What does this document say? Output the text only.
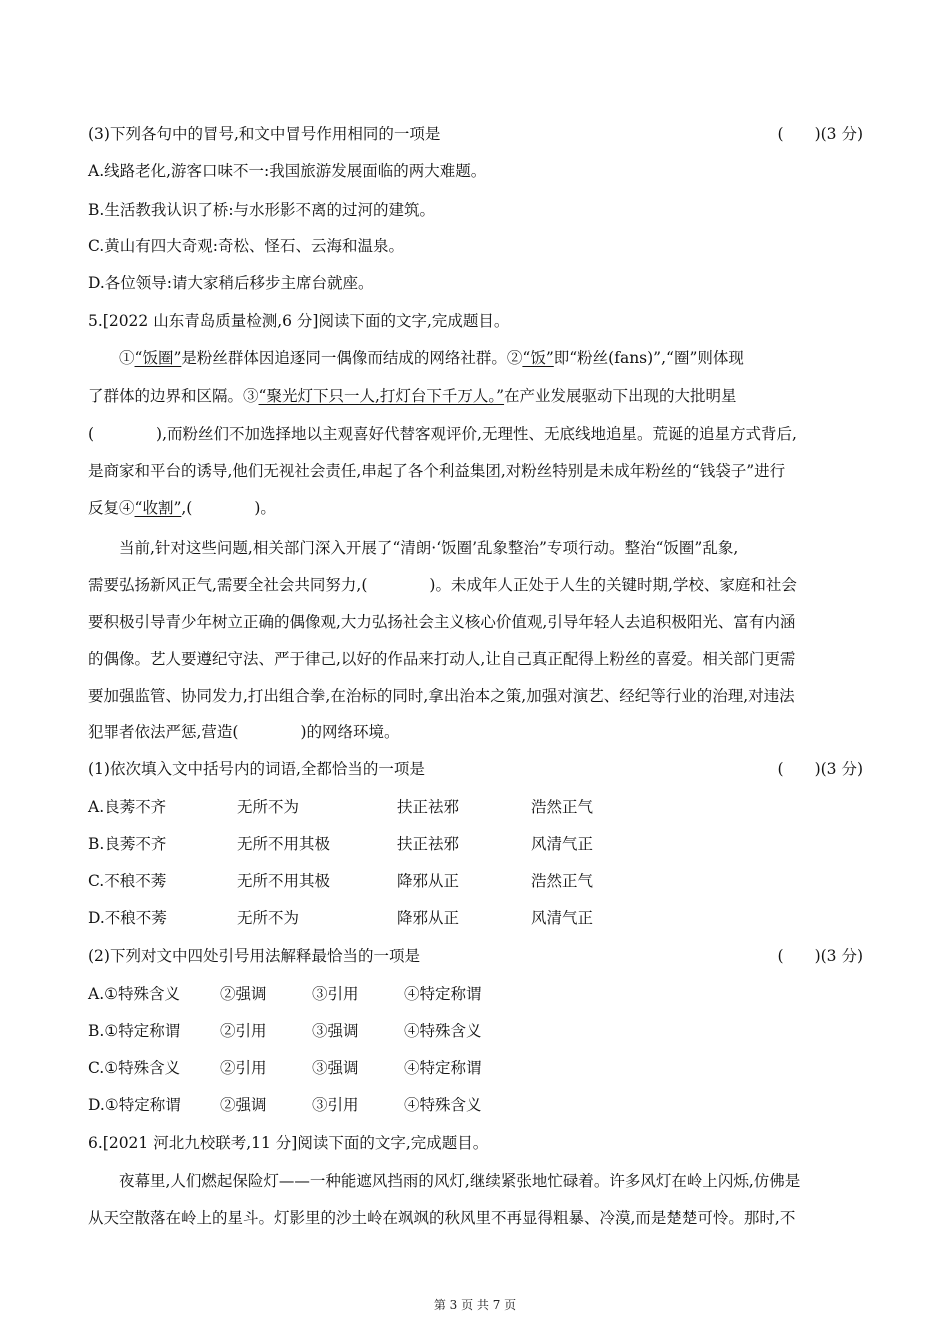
(3)下列各句中的冒号,和文中冒号作用相同的一项是	(　　)(3 分)
A.线路老化,游客口味不一:我国旅游发展面临的两大难题。
B.生活教我认识了桥:与水形影不离的过河的建筑。
C.黄山有四大奇观:奇松、怪石、云海和温泉。
D.各位领导:请大家稍后移步主席台就座。
5.[2022 山东青岛质量检测,6 分]阅读下面的文字,完成题目。
①“饭圈”是粉丝群体因追逐同一偶像而结成的网络社群。②“饭”即“粉丝(fans)”,“圈”则体现
了群体的边界和区隔。③“聚光灯下只一人,打灯台下千万人。”在产业发展驱动下出现的大批明星
(　　　　),而粉丝们不加选择地以主观喜好代替客观评价,无理性、无底线地追星。荒诞的追星方式背后,
是商家和平台的诱导,他们无视社会责任,串起了各个利益集团,对粉丝特别是未成年粉丝的“钱袋子”进行
反复④“收割”,(　　　　)。
当前,针对这些问题,相关部门深入开展了“清朗·‘饭圈’乱象整治”专项行动。整治“饭圈”乱象,
需要弘扬新风正气,需要全社会共同努力,(　　　　)。未成年人正处于人生的关键时期,学校、家庭和社会
要积极引导青少年树立正确的偶像观,大力弘扬社会主义核心价值观,引导年轻人去追积极阳光、富有内涵
的偶像。艺人要遵纪守法、严于律己,以好的作品来打动人,让自己真正配得上粉丝的喜爱。相关部门更需
要加强监管、协同发力,打出组合拳,在治标的同时,拿出治本之策,加强对演艺、经纪等行业的治理,对违法
犯罪者依法严惩,营造(　　　　)的网络环境。
(1)依次填入文中括号内的词语,全都恰当的一项是	(　　)(3 分)
A.良莠不齐	无所不为	扶正祛邪	浩然正气
B.良莠不齐	无所不用其极	扶正祛邪	风清气正
C.不稂不莠	无所不用其极	降邪从正	浩然正气
D.不稂不莠	无所不为	降邪从正	风清气正
(2)下列对文中四处引号用法解释最恰当的一项是	(　　)(3 分)
A.①特殊含义	②强调	③引用	④特定称谓
B.①特定称谓	②引用	③强调	④特殊含义
C.①特殊含义	②引用	③强调	④特定称谓
D.①特定称谓	②强调	③引用	④特殊含义
6.[2021 河北九校联考,11 分]阅读下面的文字,完成题目。
夜幕里,人们燃起保险灯——一种能遮风挡雨的风灯,继续紧张地忙碌着。许多风灯在岭上闪烁,仿佛是
从天空散落在岭上的星斗。灯影里的沙土岭在飒飒的秋风里不再显得粗暴、冷漠,而是楚楚可怜。那时,不
第 3 页 共 7 页
